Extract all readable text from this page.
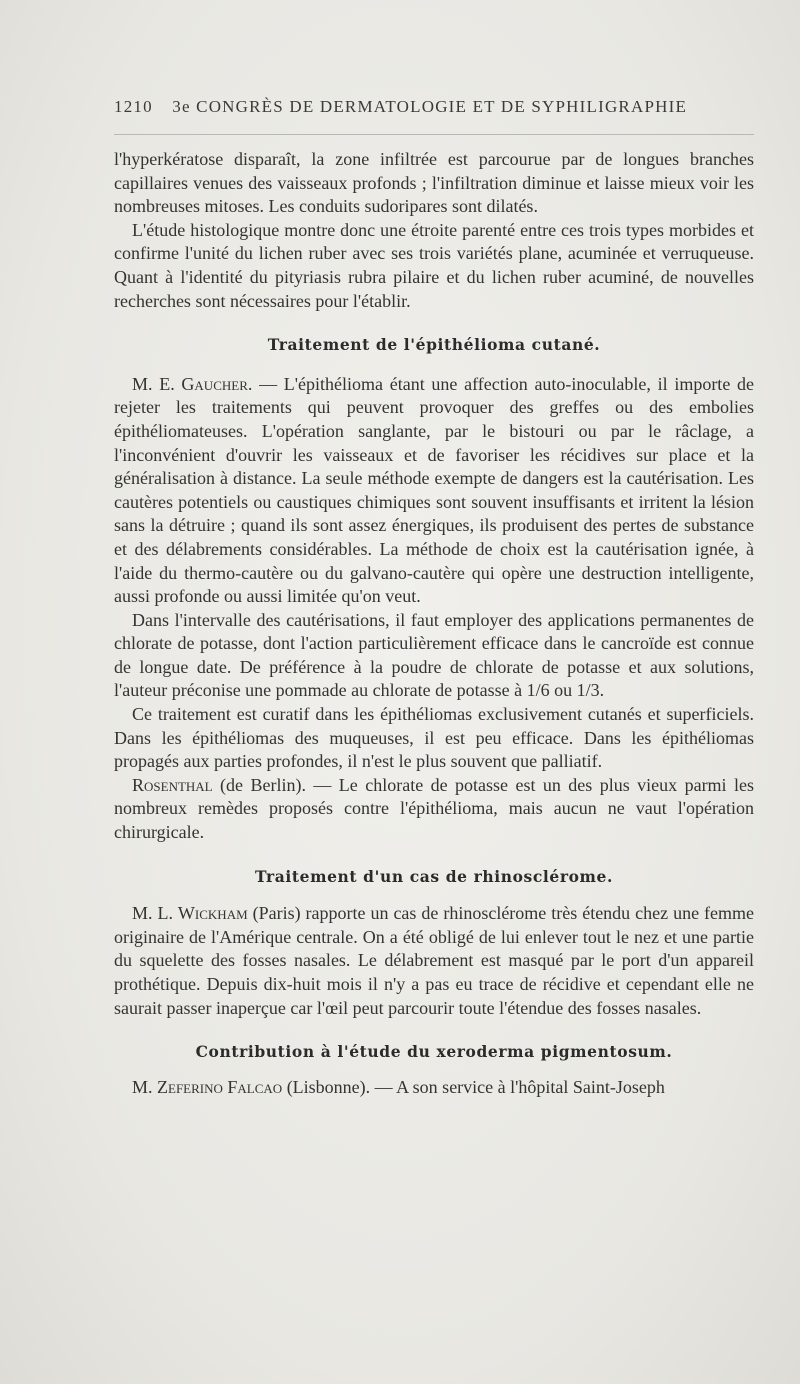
1210 3e CONGRÈS DE DERMATOLOGIE ET DE SYPHILIGRAPHIE

l'hyperkératose disparaît, la zone infiltrée est parcourue par de longues branches capillaires venues des vaisseaux profonds ; l'infiltration diminue et laisse mieux voir les nombreuses mitoses. Les conduits sudoripares sont dilatés.

L'étude histologique montre donc une étroite parenté entre ces trois types morbides et confirme l'unité du lichen ruber avec ses trois variétés plane, acuminée et verruqueuse. Quant à l'identité du pityriasis rubra pilaire et du lichen ruber acuminé, de nouvelles recherches sont nécessaires pour l'établir.

Traitement de l'épithélioma cutané.

M. E. Gaucher. — L'épithélioma étant une affection auto-inoculable, il importe de rejeter les traitements qui peuvent provoquer des greffes ou des embolies épithéliomateuses. L'opération sanglante, par le bistouri ou par le râclage, a l'inconvénient d'ouvrir les vaisseaux et de favoriser les récidives sur place et la généralisation à distance. La seule méthode exempte de dangers est la cautérisation. Les cautères potentiels ou caustiques chimiques sont souvent insuffisants et irritent la lésion sans la détruire ; quand ils sont assez énergiques, ils produisent des pertes de substance et des délabrements considérables. La méthode de choix est la cautérisation ignée, à l'aide du thermo-cautère ou du galvano-cautère qui opère une destruction intelligente, aussi profonde ou aussi limitée qu'on veut.

Dans l'intervalle des cautérisations, il faut employer des applications permanentes de chlorate de potasse, dont l'action particulièrement efficace dans le cancroïde est connue de longue date. De préférence à la poudre de chlorate de potasse et aux solutions, l'auteur préconise une pommade au chlorate de potasse à 1/6 ou 1/3.

Ce traitement est curatif dans les épithéliomas exclusivement cutanés et superficiels. Dans les épithéliomas des muqueuses, il est peu efficace. Dans les épithéliomas propagés aux parties profondes, il n'est le plus souvent que palliatif.

Rosenthal (de Berlin). — Le chlorate de potasse est un des plus vieux parmi les nombreux remèdes proposés contre l'épithélioma, mais aucun ne vaut l'opération chirurgicale.

Traitement d'un cas de rhinosclérome.

M. L. Wickham (Paris) rapporte un cas de rhinosclérome très étendu chez une femme originaire de l'Amérique centrale. On a été obligé de lui enlever tout le nez et une partie du squelette des fosses nasales. Le délabrement est masqué par le port d'un appareil prothétique. Depuis dix-huit mois il n'y a pas eu trace de récidive et cependant elle ne saurait passer inaperçue car l'œil peut parcourir toute l'étendue des fosses nasales.

Contribution à l'étude du xeroderma pigmentosum.

M. Zeferino Falcao (Lisbonne). — A son service à l'hôpital Saint-Joseph
